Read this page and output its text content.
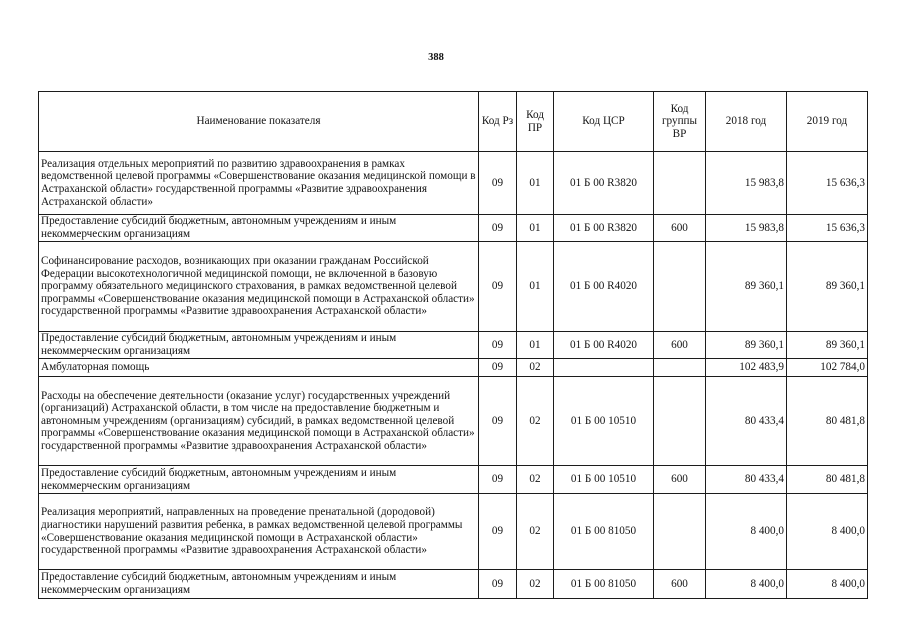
388
Наименование показателя	Код Рз	Код ПР	Код ЦСР	Код группы ВР	2018 год	2019 год
Реализация отдельных мероприятий по развитию здравоохранения в рамках ведомственной целевой программы «Совершенствование оказания медицинской помощи в Астраханской области» государственной программы «Развитие здравоохранения Астраханской области»	09	01	01 Б 00 R3820		15 983,8	15 636,3
Предоставление субсидий бюджетным, автономным учреждениям и иным некоммерческим организациям	09	01	01 Б 00 R3820	600	15 983,8	15 636,3
Софинансирование расходов, возникающих при оказании гражданам Российской Федерации высокотехнологичной медицинской помощи, не включенной в базовую программу обязательного медицинского страхования, в рамках ведомственной целевой программы «Совершенствование оказания медицинской помощи в Астраханской области» государственной программы «Развитие здравоохранения Астраханской области»	09	01	01 Б 00 R4020		89 360,1	89 360,1
Предоставление субсидий бюджетным, автономным учреждениям и иным некоммерческим организациям	09	01	01 Б 00 R4020	600	89 360,1	89 360,1
Амбулаторная помощь	09	02			102 483,9	102 784,0
Расходы на обеспечение деятельности (оказание услуг) государственных учреждений (организаций) Астраханской области, в том числе на предоставление бюджетным и автономным учреждениям (организациям) субсидий, в рамках ведомственной целевой программы «Совершенствование оказания медицинской помощи в Астраханской области» государственной программы «Развитие здравоохранения Астраханской области»	09	02	01 Б 00 10510		80 433,4	80 481,8
Предоставление субсидий бюджетным, автономным учреждениям и иным некоммерческим организациям	09	02	01 Б 00 10510	600	80 433,4	80 481,8
Реализация мероприятий, направленных на проведение пренатальной (дородовой) диагностики нарушений развития ребенка, в рамках ведомственной целевой программы «Совершенствование оказания медицинской помощи в Астраханской области» государственной программы «Развитие здравоохранения Астраханской области»	09	02	01 Б 00 81050		8 400,0	8 400,0
Предоставление субсидий бюджетным, автономным учреждениям и иным некоммерческим организациям	09	02	01 Б 00 81050	600	8 400,0	8 400,0
